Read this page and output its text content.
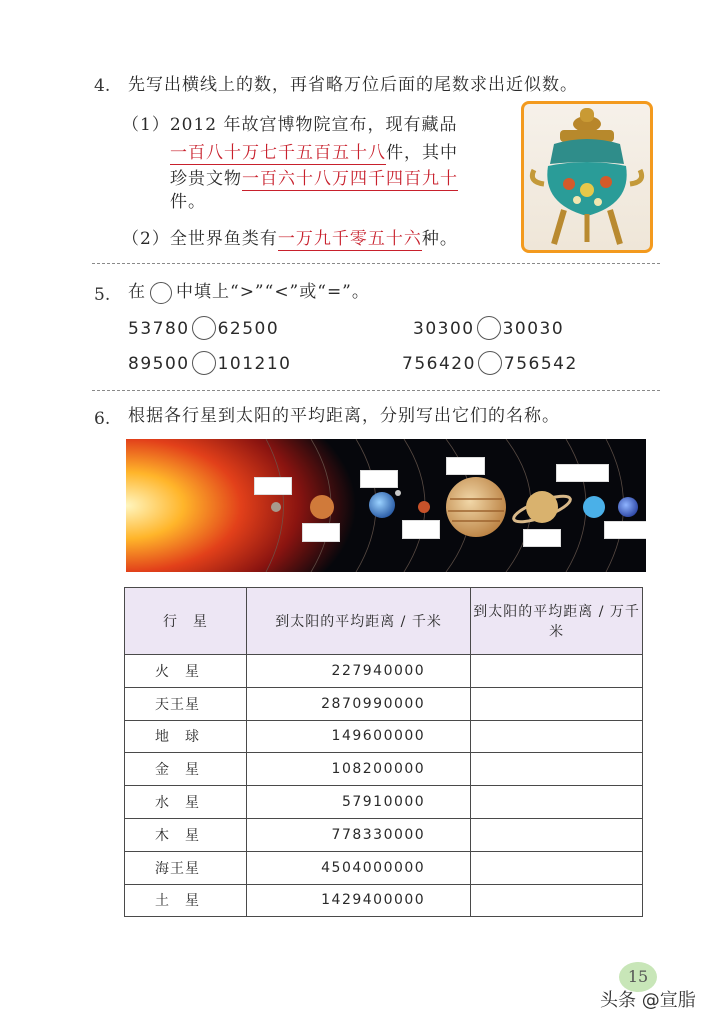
4. 先写出横线上的数，再省略万位后面的尾数求出近似数。
（1）2012 年故宫博物院宣布，现有藏品
一百八十万七千五百五十八件，其中
珍贵文物一百六十八万四千四百九十
件。
（2）全世界鱼类有一万九千零五十六种。
5. 在 中填上“>”“<”或“=”。
53780 62500	30300 30030
89500 101210	756420 756542
6. 根据各行星到太阳的平均距离，分别写出它们的名称。
行　星	到太阳的平均距离 / 千米	到太阳的平均距离 / 万千米
火　星	227940000	
天王星	2870990000	
地　球	149600000	
金　星	108200000	
水　星	57910000	
木　星	778330000	
海王星	4504000000	
土　星	1429400000	
15
头条 @宣脂
